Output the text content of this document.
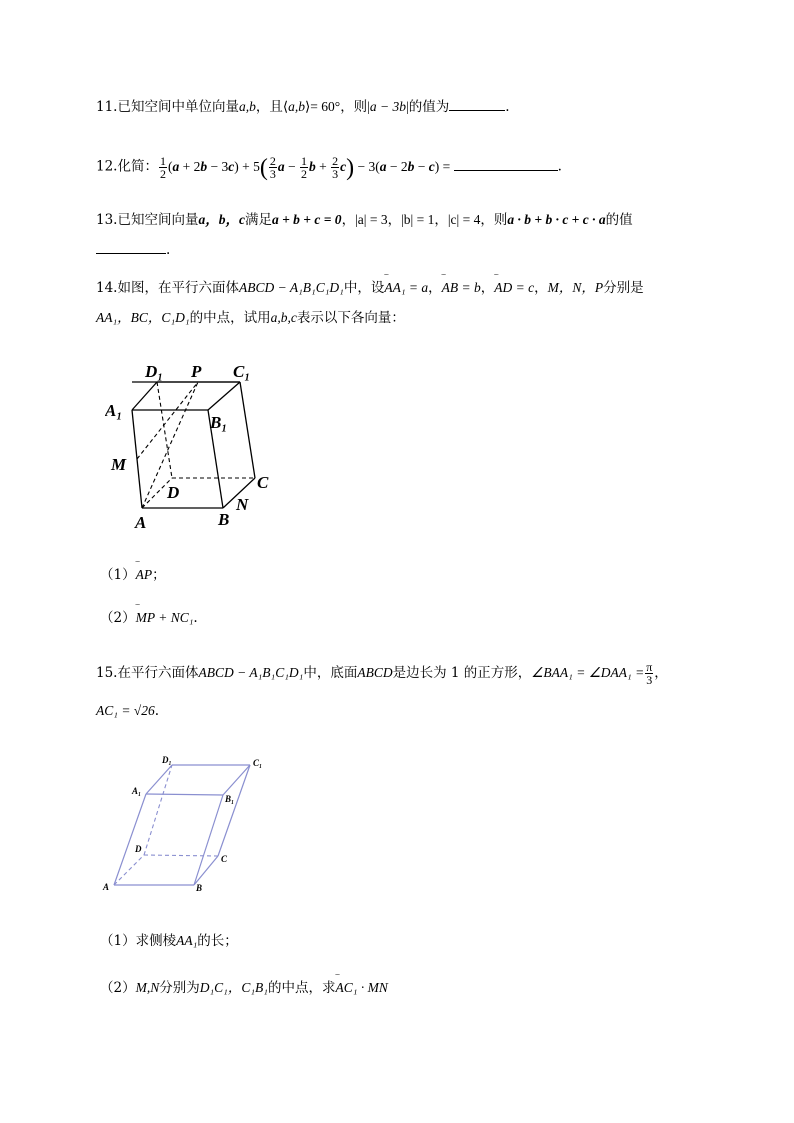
11.已知空间中单位向量a,b，且⟨a,b⟩= 60°，则|a − 3b|的值为	.
12.化简： $\frac{1}{2} (a + 2b - 3c) + 5( \frac{2}{3}$ $a - \frac{1}{2}$ $b + \frac{2}{3} c) - 3(a - 2b - c)$ =	.
13.已知空间向量a，b，c满足a + b + c = 0，|a| = 3，|b| = 1，|c| = 4，则a · b + b · c + c · a的值
.
14.如图，在平行六面体ABCD − A₁B₁C₁D₁中，设‾‾ AA₁ = a，‾‾ AB = b，‾‾ AD = c，M，N，P分别是
AA₁，BC，C₁D₁的中点，试用a,b,c表示以下各向量：
D₁ P C₁
A₁
B₁
M
D
C
A	B
N
（1）‾‾ AP；
（2）‾‾ MP + NC₁.
15.在平行六面体ABCD − A₁B₁C₁D₁中，底面ABCD是边长为 1 的正方形，∠BAA₁ = ∠DAA₁ = $\frac{\pi}{3}$ ，
AC₁ = √26.
D₁	C₁
A₁
B₁
D
C
A	B
（1）求侧棱AA₁的长；
（2）M,N分别为D₁C₁，C₁B₁的中点，求‾‾ AC₁ · MN
